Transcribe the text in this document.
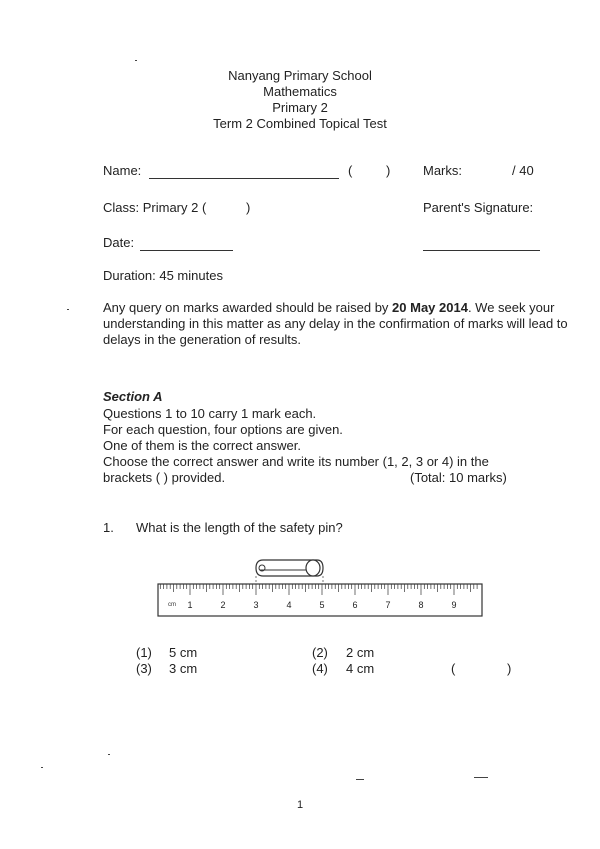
Nanyang Primary School
Mathematics
Primary 2
Term 2 Combined Topical Test
Name:	(	)	Marks:	/ 40
Class: Primary 2 (	)	Parent's Signature:
Date:
Duration: 45 minutes
Any query on marks awarded should be raised by 20 May 2014. We seek your understanding in this matter as any delay in the confirmation of marks will lead to delays in the generation of results.
Section A
Questions 1 to 10 carry 1 mark each.
For each question, four options are given.
One of them is the correct answer.
Choose the correct answer and write its number (1, 2, 3 or 4) in the
brackets ( ) provided.	(Total: 10 marks)
1. What is the length of the safety pin?
cm 1	2	3	4	5	6	7	8	9
(1) 5 cm	(2) 2 cm
(3) 3 cm	(4) 4 cm	(	)
1
